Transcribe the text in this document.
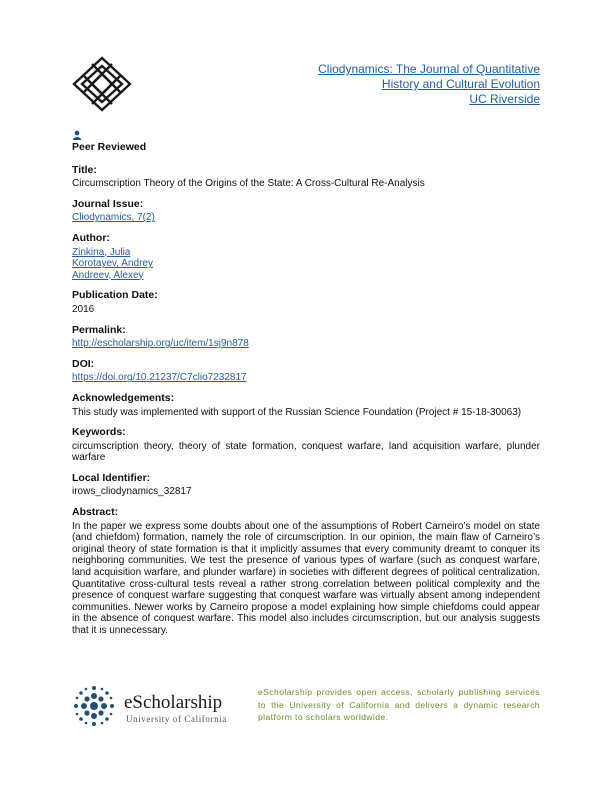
Cliodynamics: The Journal of Quantitative
History and Cultural Evolution
UC Riverside
Peer Reviewed
Title:
Circumscription Theory of the Origins of the State: A Cross-Cultural Re-Analysis
Journal Issue:
Cliodynamics, 7(2)
Author:
Zinkina, Julia
Korotayev, Andrey
Andreev, Alexey
Publication Date:
2016
Permalink:
http://escholarship.org/uc/item/1sj9n878
DOI:
https://doi.org/10.21237/C7clio7232817
Acknowledgements:
This study was implemented with support of the Russian Science Foundation (Project # 15-18-30063)
Keywords:
circumscription theory, theory of state formation, conquest warfare, land acquisition warfare, plunder warfare
Local Identifier:
irows_cliodynamics_32817
Abstract:
In the paper we express some doubts about one of the assumptions of Robert Carneiro’s model on state (and chiefdom) formation, namely the role of circumscription. In our opinion, the main flaw of Carneiro’s original theory of state formation is that it implicitly assumes that every community dreamt to conquer its neighboring communities. We test the presence of various types of warfare (such as conquest warfare, land acquisition warfare, and plunder warfare) in societies with different degrees of political centralization. Quantitative cross-cultural tests reveal a rather strong correlation between political complexity and the presence of conquest warfare suggesting that conquest warfare was virtually absent among independent communities. Newer works by Carneiro propose a model explaining how simple chiefdoms could appear in the absence of conquest warfare. This model also includes circumscription, but our analysis suggests that it is unnecessary.
eScholarship
University of California
eScholarship provides open access, scholarly publishing services to the University of California and delivers a dynamic research platform to scholars worldwide.
